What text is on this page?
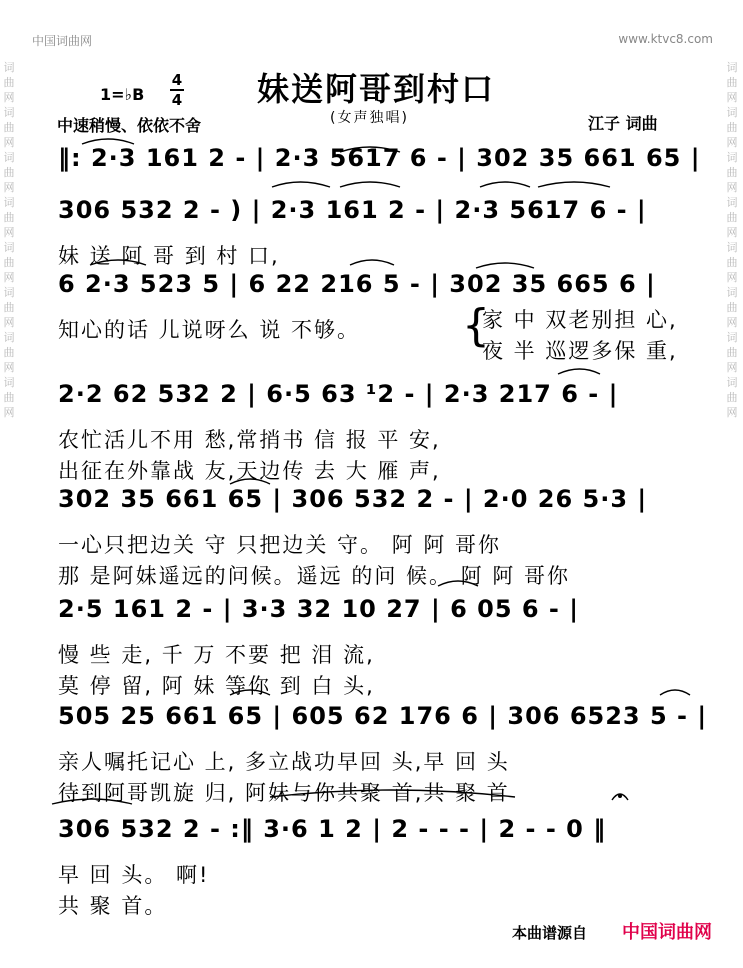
词
曲
网
词
曲
网
词
曲
网
词
曲
网
词
曲
网
词
曲
网
词
曲
网
词
曲
网
词
曲
网
词
曲
网
词
曲
网
词
曲
网
词
曲
网
词
曲
网
词
曲
网
词
曲
网
中国词曲网	www.ktvc8.com
1=♭B
4
4 妹送阿哥到村口
(女声独唱)
中速稍慢、依依不舍	江子 词曲
‖: 2·3 161 2 - | 2·3 5617 6 - | 302 35 661 65 |
306 532 2 - ) | 2·3 161 2 - | 2·3 5617 6 - |
妹 送 阿 哥 到 村 口,
6 2·3 523 5 | 6 22 216 5 - | 302 35 665 6 |
知心的话 儿说呀么 说 不够。 {
家 中 双老别担 心,
夜 半 巡逻多保 重,
2·2 62 532 2 | 6·5 63 ¹2 - | 2·3 217 6 - |
农忙活儿不用 愁,常捎书 信 报 平 安,
出征在外靠战 友,天边传 去 大 雁 声,
302 35 661 65 | 306 532 2 - | 2·0 26 5·3 |
一心只把边关 守 只把边关 守。 阿 阿 哥你
那 是阿妹遥远的问候。遥远 的问 候。 阿 阿 哥你
2·5 161 2 - | 3·3 32 10 27 | 6 05 6 - |
慢 些 走, 千 万 不要 把 泪 流,
莫 停 留, 阿 妹 等你 到 白 头,
505 25 661 65 | 605 62 176 6 | 306 6523 5 - |
亲人嘱托记心 上, 多立战功早回 头,早 回 头
待到阿哥凯旋 归, 阿妹与你共聚 首,共 聚 首
306 532 2 - :‖ 3·6 1 2 | 2 - - - | 2 - - 0 ‖
早 回 头。 啊!
共 聚 首。
本曲谱源自 中国词曲网
